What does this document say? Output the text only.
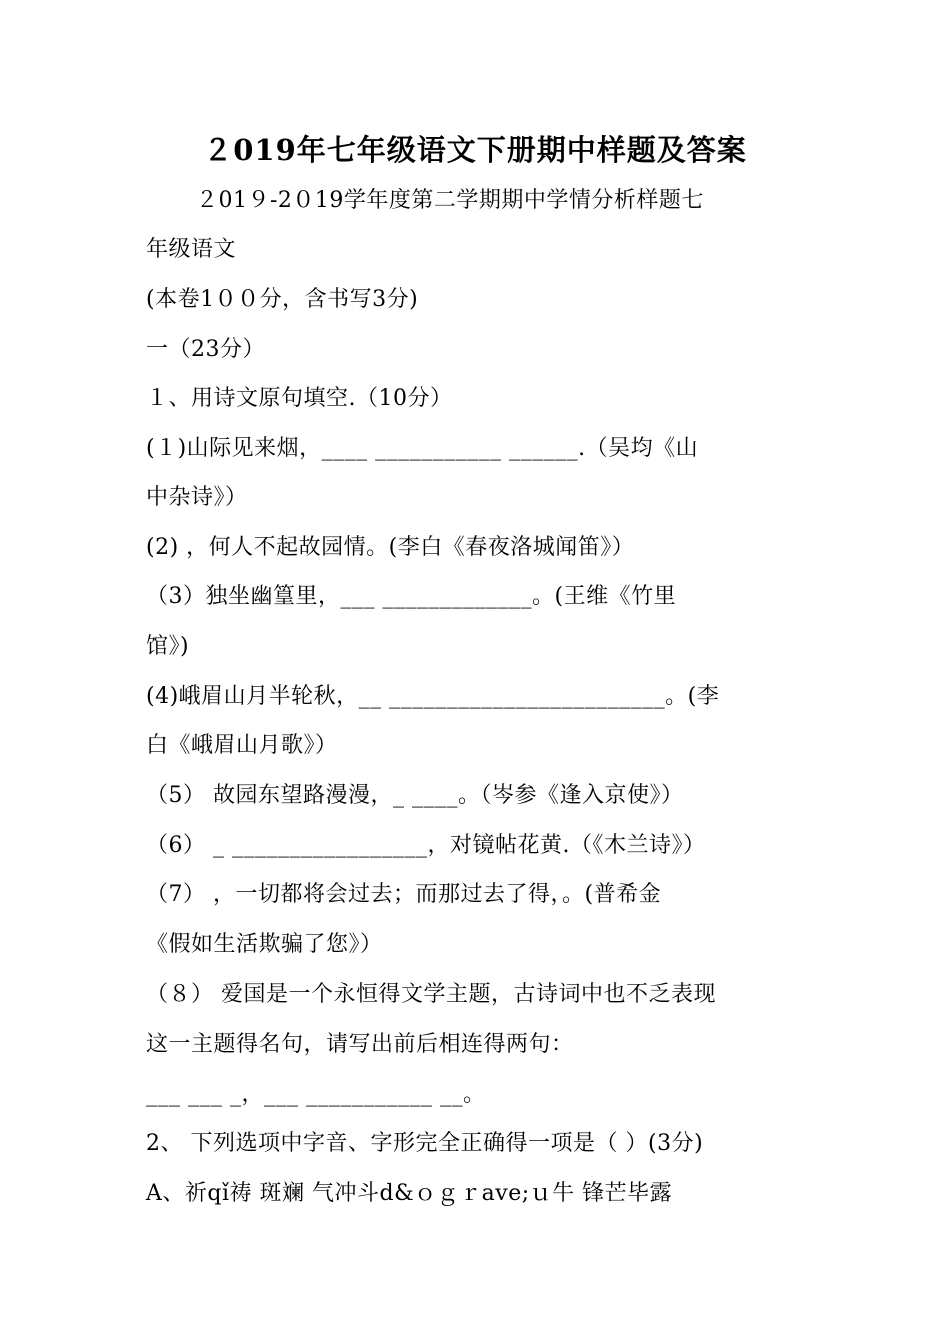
２019年七年级语文下册期中样题及答案
２01９-2０19学年度第二学期期中学情分析样题七
年级语文
(本卷1００分，含书写3分)
一（23分）
１、用诗文原句填空.（10分）
(１)山际见来烟，____ ___________ ______.（吴均《山
中杂诗》）
(2) ，何人不起故园情。(李白《春夜洛城闻笛》）
（3）独坐幽篁里，___ _____________。(王维《竹里
馆》)
(4)峨眉山月半轮秋，__ ________________________。(李
白《峨眉山月歌》）
（5） 故园东望路漫漫，_ ____。（岑参《逢入京使》）
（6） _ _________________，对镜帖花黄.（《木兰诗》）
（7） ，一切都将会过去；而那过去了得，。(普希金
《假如生活欺骗了您》）
（８） 爱国是一个永恒得文学主题，古诗词中也不乏表现
这一主题得名句，请写出前后相连得两句：
___ ___ _，___ ___________ __。
2、 下列选项中字音、字形完全正确得一项是（ ）(3分)
A、祈qǐ祷 斑斓 气冲斗d&ｏｇｒave;ｕ牛 锋芒毕露
